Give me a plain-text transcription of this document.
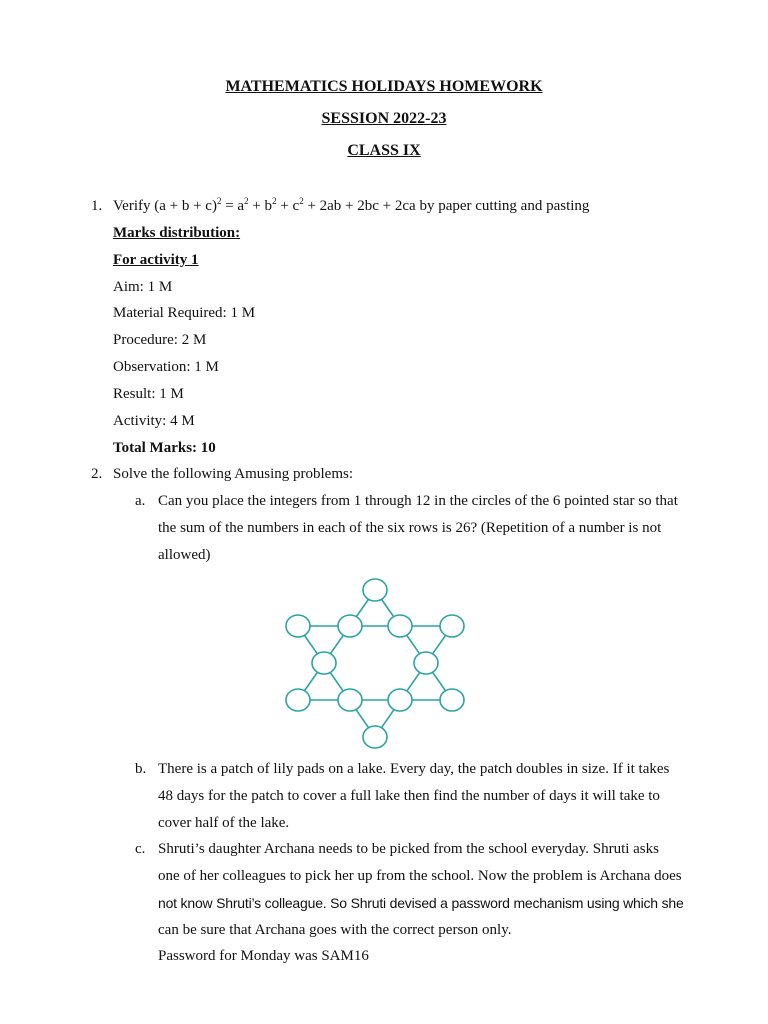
MATHEMATICS HOLIDAYS HOMEWORK
SESSION 2022-23
CLASS IX
1. Verify $(a + b + c)^2 = a^2 + b^2 + c^2 + 2ab + 2bc + 2ca$ by paper cutting and pasting
Marks distribution:
For activity 1
Aim: 1 M
Material Required: 1 M
Procedure: 2 M
Observation: 1 M
Result: 1 M
Activity: 4 M
Total Marks: 10
2. Solve the following Amusing problems:
a. Can you place the integers from 1 through 12 in the circles of the 6 pointed star so that
the sum of the numbers in each of the six rows is 26? (Repetition of a number is not
allowed)
b. There is a patch of lily pads on a lake. Every day, the patch doubles in size. If it takes
48 days for the patch to cover a full lake then find the number of days it will take to
cover half of the lake.
c. Shruti’s daughter Archana needs to be picked from the school everyday. Shruti asks
one of her colleagues to pick her up from the school. Now the problem is Archana does
not know Shruti’s colleague. So Shruti devised a password mechanism using which she
can be sure that Archana goes with the correct person only.
Password for Monday was SAM16
